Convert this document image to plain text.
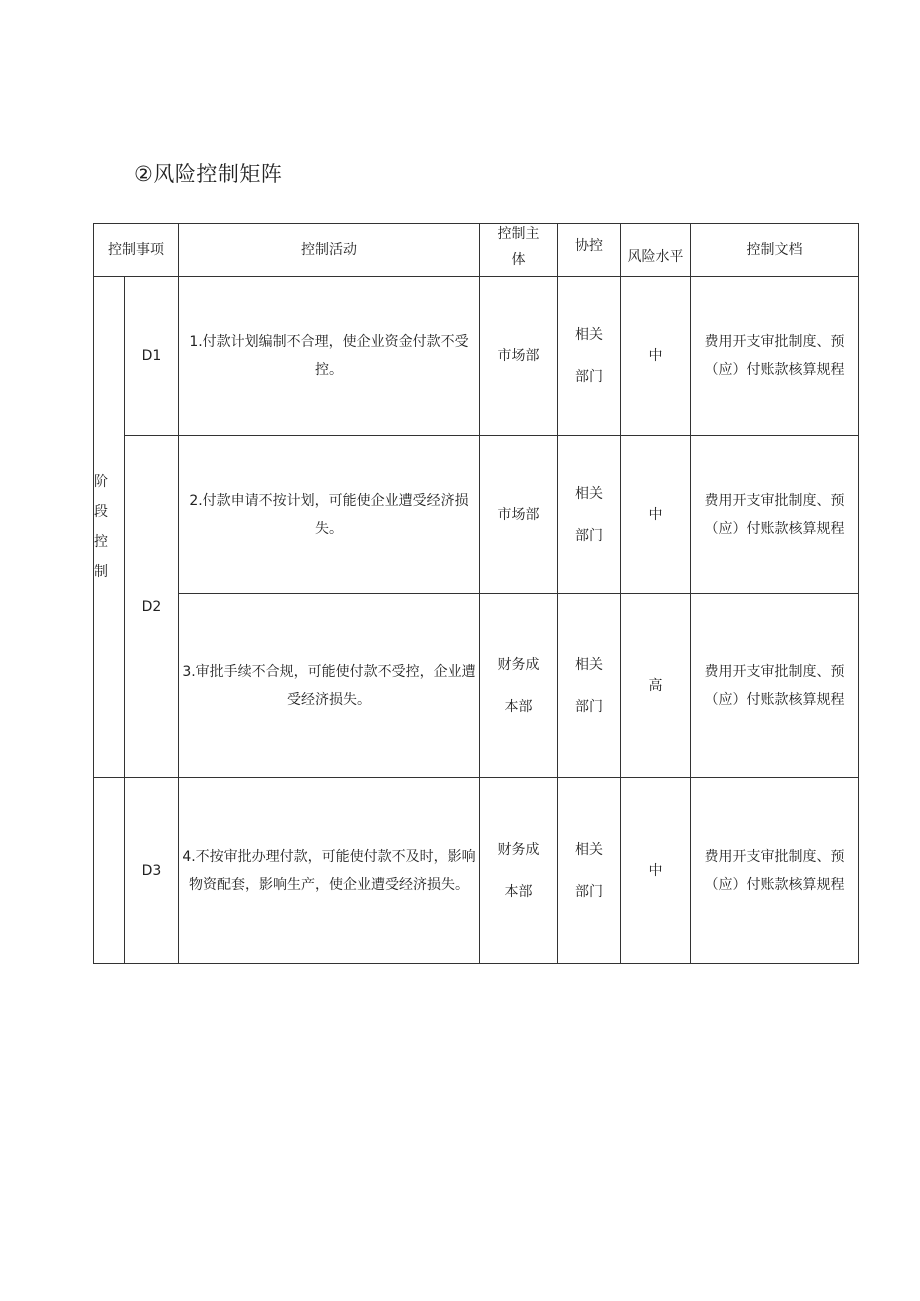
②风险控制矩阵
控制事项		控制活动	控制主体	协控	风险水平	控制文档

阶段控制	D1	1.付款计划编制不合理，使企业资金付款不受控。	市场部	相关部门	中	费用开支审批制度、预（应）付账款核算规程

	D2	2.付款申请不按计划，可能使企业遭受经济损失。	市场部	相关部门	中	费用开支审批制度、预（应）付账款核算规程

		3.审批手续不合规，可能使付款不受控，企业遭受经济损失。	财务成本部	相关部门	高	费用开支审批制度、预（应）付账款核算规程

	D3	4.不按审批办理付款，可能使付款不及时，影响物资配套，影响生产，使企业遭受经济损失。	财务成本部	相关部门	中	费用开支审批制度、预（应）付账款核算规程
